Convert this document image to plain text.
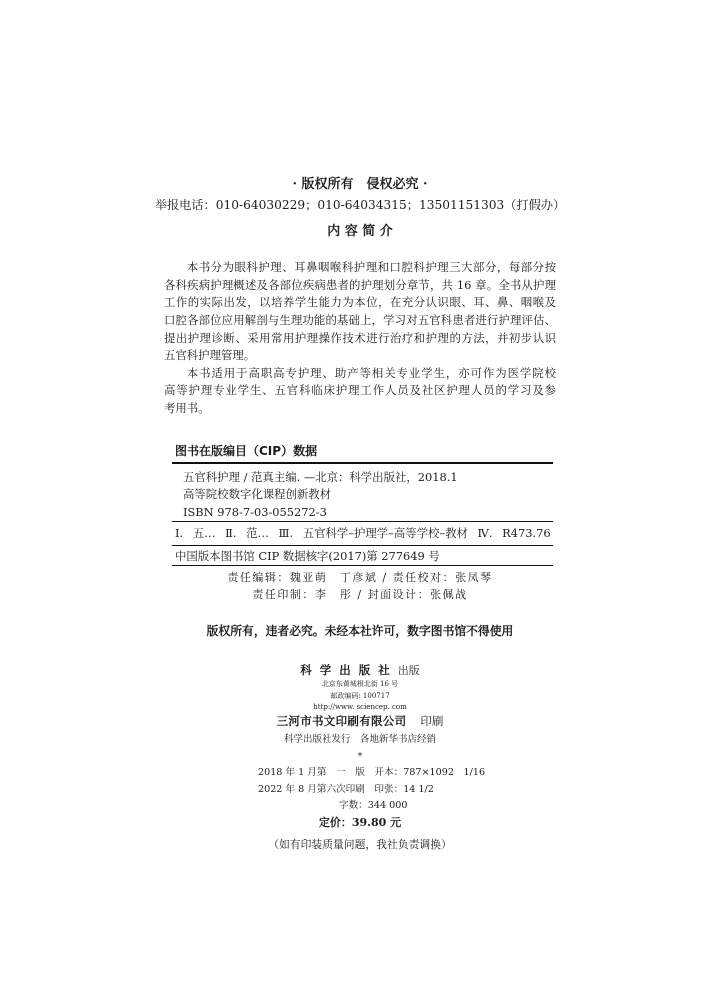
· 版权所有　侵权必究 ·
举报电话：010-64030229；010-64034315；13501151303（打假办）
内 容 简 介
本书分为眼科护理、耳鼻咽喉科护理和口腔科护理三大部分，每部分按
各科疾病护理概述及各部位疾病患者的护理划分章节，共 16 章。全书从护理
工作的实际出发，以培养学生能力为本位，在充分认识眼、耳、鼻、咽喉及
口腔各部位应用解剖与生理功能的基础上，学习对五官科患者进行护理评估、
提出护理诊断、采用常用护理操作技术进行治疗和护理的方法，并初步认识
五官科护理管理。
本书适用于高职高专护理、助产等相关专业学生，亦可作为医学院校
高等护理专业学生、五官科临床护理工作人员及社区护理人员的学习及参
考用书。
图书在版编目（CIP）数据
五官科护理 / 范真主编. —北京：科学出版社，2018.1
高等院校数字化课程创新教材
ISBN 978-7-03-055272-3
Ⅰ. 五… Ⅱ. 范… Ⅲ. 五官科学–护理学–高等学校–教材 Ⅳ. R473.76
中国版本图书馆 CIP 数据核字(2017)第 277649 号
责任编辑：魏亚萌　丁彦斌 / 责任校对：张凤琴
责任印制：李　彤 / 封面设计：张佩战
版权所有，违者必究。未经本社许可，数字图书馆不得使用
科学出版社出版
北京东黄城根北街 16 号
邮政编码: 100717
http://www. sciencep. com
三河市书文印刷有限公司 印刷
科学出版社发行　各地新华书店经销
*
2018 年 1 月第　一　版　开本：787×1092　1/16
2022 年 8 月第六次印刷　印张：14 1/2
字数：344 000
定价：39.80 元
（如有印装质量问题，我社负责调换）
